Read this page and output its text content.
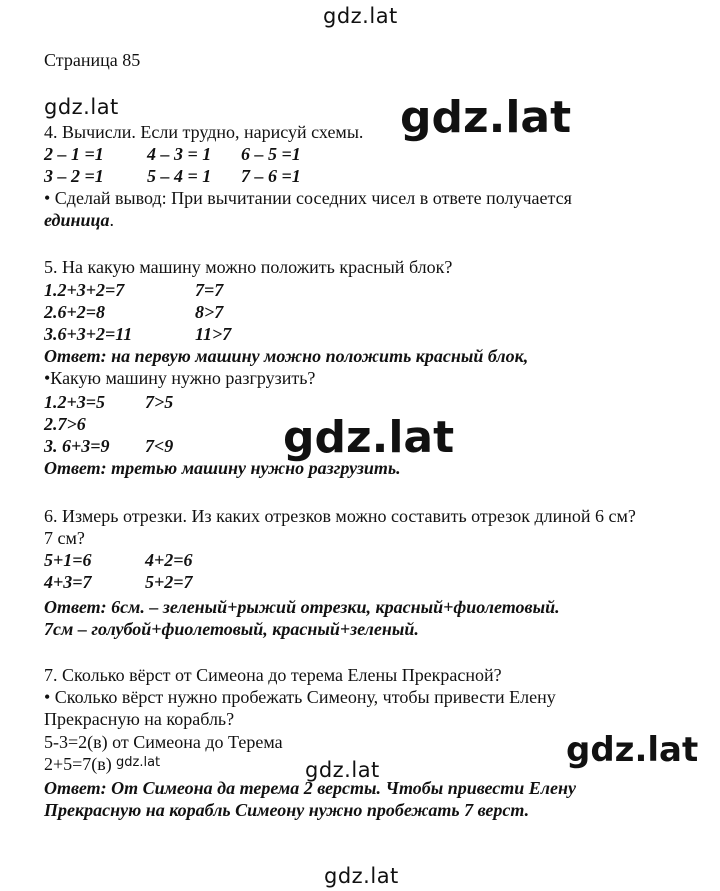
gdz.lat
gdz.lat	gdz.lat
gdz.lat
gdz.lat
gdz.lat
gdz.lat
gdz.lat
Страница 85
4. Вычисли. Если трудно, нарисуй схемы.
2 – 1 =1 4 – 3 = 1 6 – 5 =1
3 – 2 =1 5 – 4 = 1 7 – 6 =1
• Сделай вывод: При вычитании соседних чисел в ответе получается
единица.
5. На какую машину можно положить красный блок?
1.2+3+2=7	7=7
2.6+2=8	8>7
3.6+3+2=11	11>7
Ответ: на первую машину можно положить красный блок,
•Какую машину нужно разгрузить?
1.2+3=5 7>5
2.7>6
3. 6+3=9 7<9
Ответ: третью машину нужно разгрузить.
6. Измерь отрезки. Из каких отрезков можно составить отрезок длиной 6 см?
7 см?
5+1=6	4+2=6
4+3=7	5+2=7
Ответ: 6см. – зеленый+рыжий отрезки, красный+фиолетовый.
7см – голубой+фиолетовый, красный+зеленый.
7. Сколько вёрст от Симеона до терема Елены Прекрасной?
• Сколько вёрст нужно пробежать Симеону, чтобы привести Елену
Прекрасную на корабль?
5-3=2(в) от Симеона до Терема
2+5=7(в)
Ответ: От Симеона да терема 2 версты. Чтобы привести Елену
Прекрасную на корабль Симеону нужно пробежать 7 верст.
